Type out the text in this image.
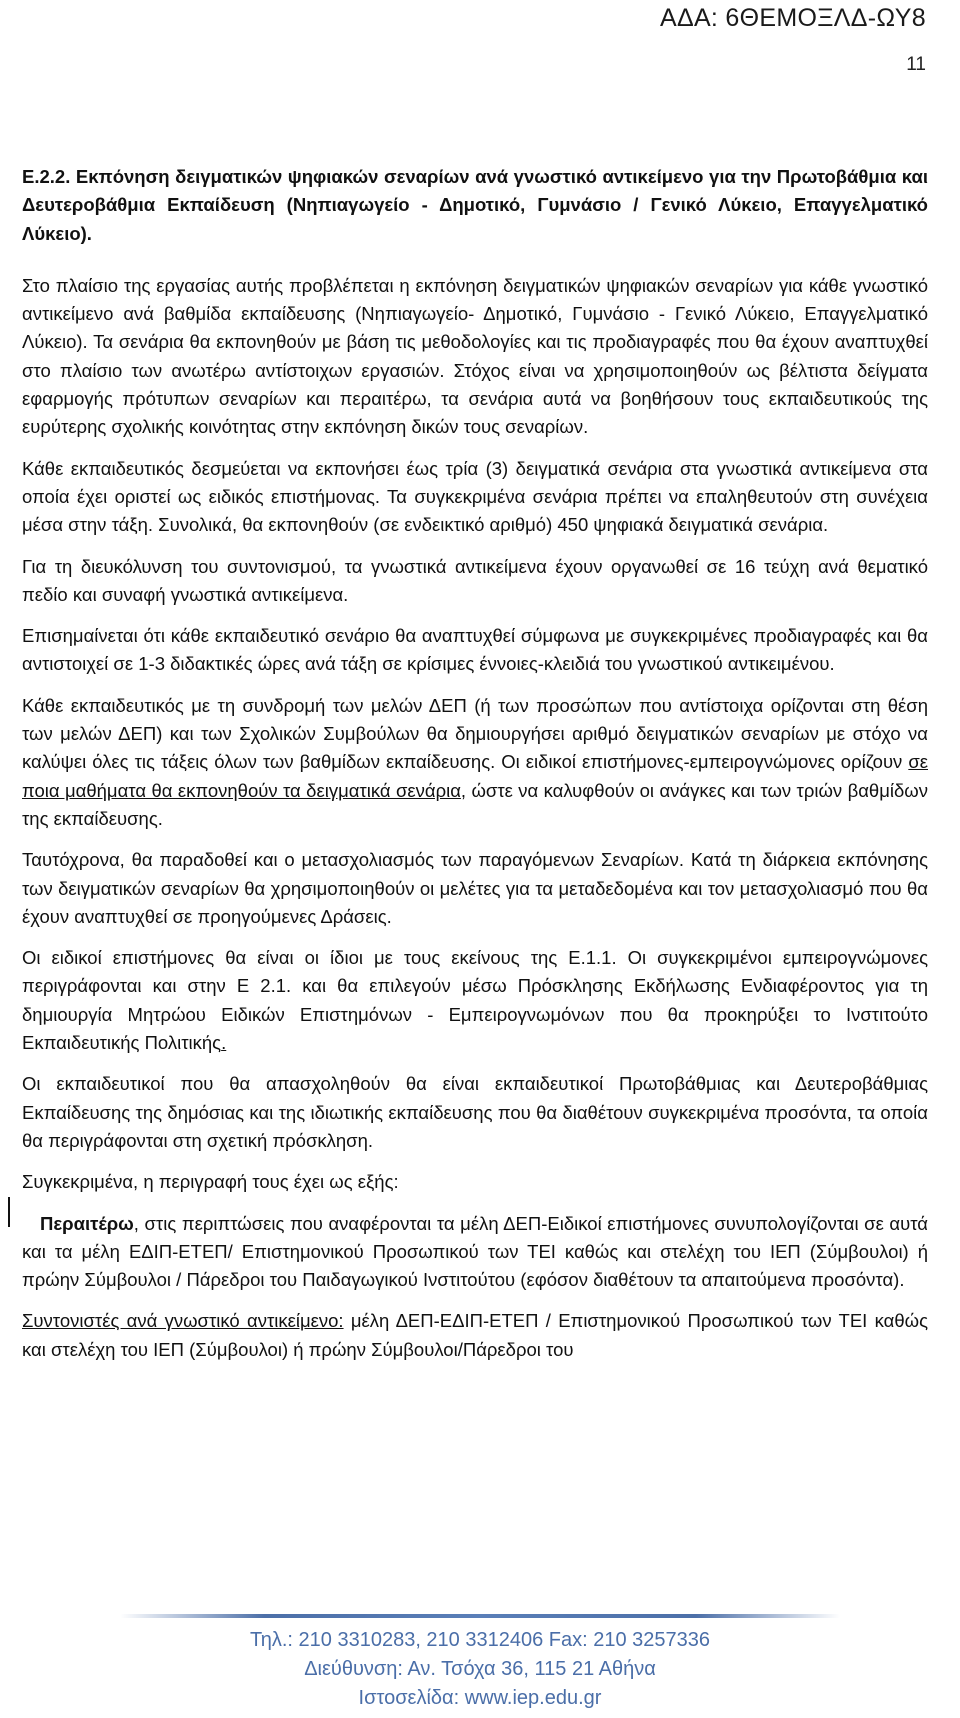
ΑΔΑ: 6ΘΕΜΟΞΛΔ-ΩΥ8
11

Ε.2.2. Εκπόνηση δειγματικών ψηφιακών σεναρίων ανά γνωστικό αντικείμενο για την Πρωτοβάθμια και Δευτεροβάθμια Εκπαίδευση (Νηπιαγωγείο - Δημοτικό, Γυμνάσιο / Γενικό Λύκειο, Επαγγελματικό Λύκειο).

Στο πλαίσιο της εργασίας αυτής προβλέπεται η εκπόνηση δειγματικών ψηφιακών σεναρίων για κάθε γνωστικό αντικείμενο ανά βαθμίδα εκπαίδευσης (Νηπιαγωγείο- Δημοτικό, Γυμνάσιο - Γενικό Λύκειο, Επαγγελματικό Λύκειο). Τα σενάρια θα εκπονηθούν με βάση τις μεθοδολογίες και τις προδιαγραφές που θα έχουν αναπτυχθεί στο πλαίσιο των ανωτέρω αντίστοιχων εργασιών. Στόχος είναι να χρησιμοποιηθούν ως βέλτιστα δείγματα εφαρμογής πρότυπων σεναρίων και περαιτέρω, τα σενάρια αυτά να βοηθήσουν τους εκπαιδευτικούς της ευρύτερης σχολικής κοινότητας στην εκπόνηση δικών τους σεναρίων.

Κάθε εκπαιδευτικός δεσμεύεται να εκπονήσει έως τρία (3) δειγματικά σενάρια στα γνωστικά αντικείμενα στα οποία έχει οριστεί ως ειδικός επιστήμονας. Τα συγκεκριμένα σενάρια πρέπει να επαληθευτούν στη συνέχεια μέσα στην τάξη. Συνολικά, θα εκπονηθούν (σε ενδεικτικό αριθμό) 450 ψηφιακά δειγματικά σενάρια.

Για τη διευκόλυνση του συντονισμού, τα γνωστικά αντικείμενα έχουν οργανωθεί σε 16 τεύχη ανά θεματικό πεδίο και συναφή γνωστικά αντικείμενα.

Επισημαίνεται ότι κάθε εκπαιδευτικό σενάριο θα αναπτυχθεί σύμφωνα με συγκεκριμένες προδιαγραφές και θα αντιστοιχεί σε 1-3 διδακτικές ώρες ανά τάξη σε κρίσιμες έννοιες-κλειδιά του γνωστικού αντικειμένου.

Κάθε εκπαιδευτικός με τη συνδρομή των μελών ΔΕΠ (ή των προσώπων που αντίστοιχα ορίζονται στη θέση των μελών ΔΕΠ) και των Σχολικών Συμβούλων θα δημιουργήσει αριθμό δειγματικών σεναρίων με στόχο να καλύψει όλες τις τάξεις όλων των βαθμίδων εκπαίδευσης. Οι ειδικοί επιστήμονες-εμπειρογνώμονες ορίζουν σε ποια μαθήματα θα εκπονηθούν τα δειγματικά σενάρια, ώστε να καλυφθούν οι ανάγκες και των τριών βαθμίδων της εκπαίδευσης.

Ταυτόχρονα, θα παραδοθεί και ο μετασχολιασμός των παραγόμενων Σεναρίων. Κατά τη διάρκεια εκπόνησης των δειγματικών σεναρίων θα χρησιμοποιηθούν οι μελέτες για τα μεταδεδομένα και τον μετασχολιασμό που θα έχουν αναπτυχθεί σε προηγούμενες Δράσεις.

Οι ειδικοί επιστήμονες θα είναι οι ίδιοι με τους εκείνους της Ε.1.1. Οι συγκεκριμένοι εμπειρογνώμονες περιγράφονται και στην Ε 2.1. και θα επιλεγούν μέσω Πρόσκλησης Εκδήλωσης Ενδιαφέροντος για τη δημιουργία Μητρώου Ειδικών Επιστημόνων - Εμπειρογνωμόνων που θα προκηρύξει το Ινστιτούτο Εκπαιδευτικής Πολιτικής.

Οι εκπαιδευτικοί που θα απασχοληθούν θα είναι εκπαιδευτικοί Πρωτοβάθμιας και Δευτεροβάθμιας Εκπαίδευσης της δημόσιας και της ιδιωτικής εκπαίδευσης που θα διαθέτουν συγκεκριμένα προσόντα, τα οποία θα περιγράφονται στη σχετική πρόσκληση.

Συγκεκριμένα, η περιγραφή τους έχει ως εξής:

Περαιτέρω, στις περιπτώσεις που αναφέρονται τα μέλη ΔΕΠ-Ειδικοί επιστήμονες συνυπολογίζονται σε αυτά και τα μέλη ΕΔΙΠ-ΕΤΕΠ/ Επιστημονικού Προσωπικού των ΤΕΙ καθώς και στελέχη του ΙΕΠ (Σύμβουλοι) ή πρώην Σύμβουλοι / Πάρεδροι του Παιδαγωγικού Ινστιτούτου (εφόσον διαθέτουν τα απαιτούμενα προσόντα).

Συντονιστές ανά γνωστικό αντικείμενο: μέλη ΔΕΠ-ΕΔΙΠ-ΕΤΕΠ / Επιστημονικού Προσωπικού των ΤΕΙ καθώς και στελέχη του ΙΕΠ (Σύμβουλοι) ή πρώην Σύμβουλοι/Πάρεδροι του

Τηλ.: 210 3310283, 210 3312406 Fax: 210 3257336
Διεύθυνση: Αν. Τσόχα 36, 115 21 Αθήνα
Ιστοσελίδα: www.iep.edu.gr
